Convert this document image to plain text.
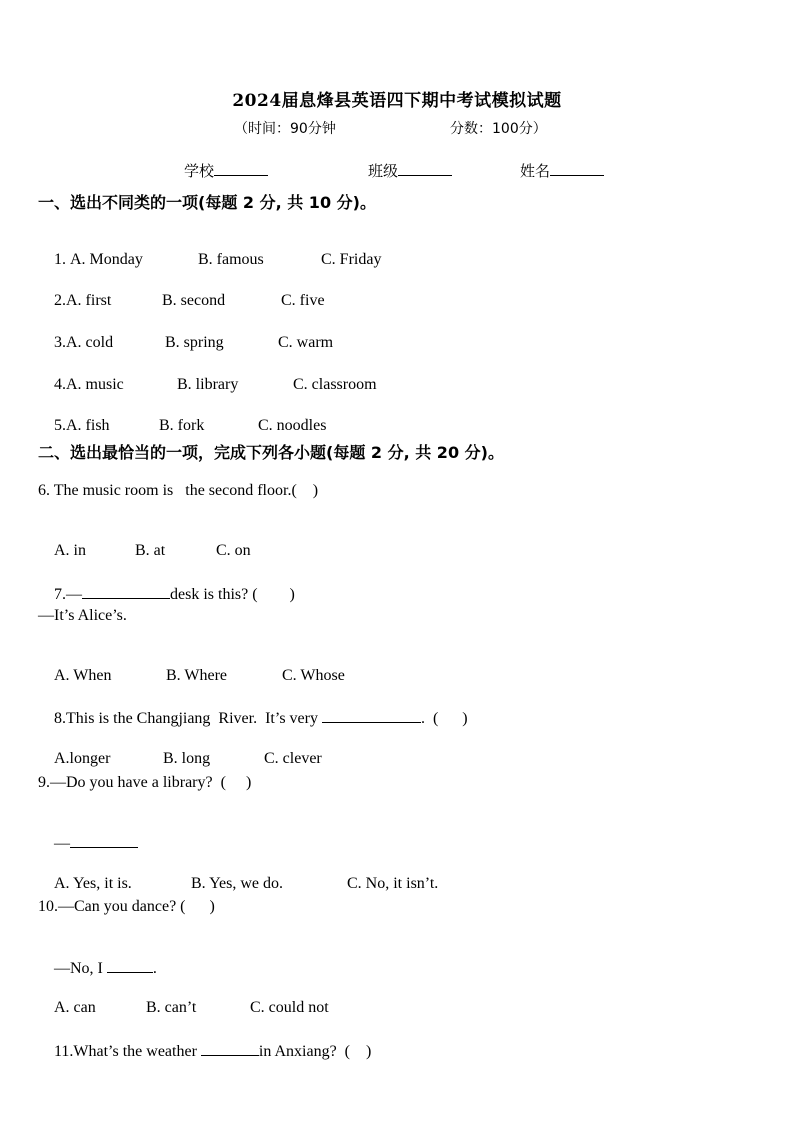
2024届息烽县英语四下期中考试模拟试题
（时间：90分钟	分数：100分）
学校	班级	姓名
一、选出不同类的一项(每题 2 分, 共 10 分)。

1. A. Monday	B. famous	C. Friday

2.A. first	B. second	C. five

3.A. cold	B. spring	C. warm

4.A. music	B. library	C. classroom

5.A. fish	B. fork	C. noodles

二、选出最恰当的一项，完成下列各小题(每题 2 分, 共 20 分)。
6. The music room is   the second floor.(    )

A. in	B. at	C. on

7.—	desk is this? (        )

—It’s Alice’s.

A. When	B. Where	C. Whose

8.This is the Changjiang  River.  It’s very	.  (      )

A.longer	B. long	C. clever

9.—Do you have a library?  (     )

—

A. Yes, it is.	B. Yes, we do.	C. No, it isn’t.

10.—Can you dance? (      )

—No, I	.

A. can	B. can’t	C. could not

11.What’s the weather	in Anxiang?  (    )
